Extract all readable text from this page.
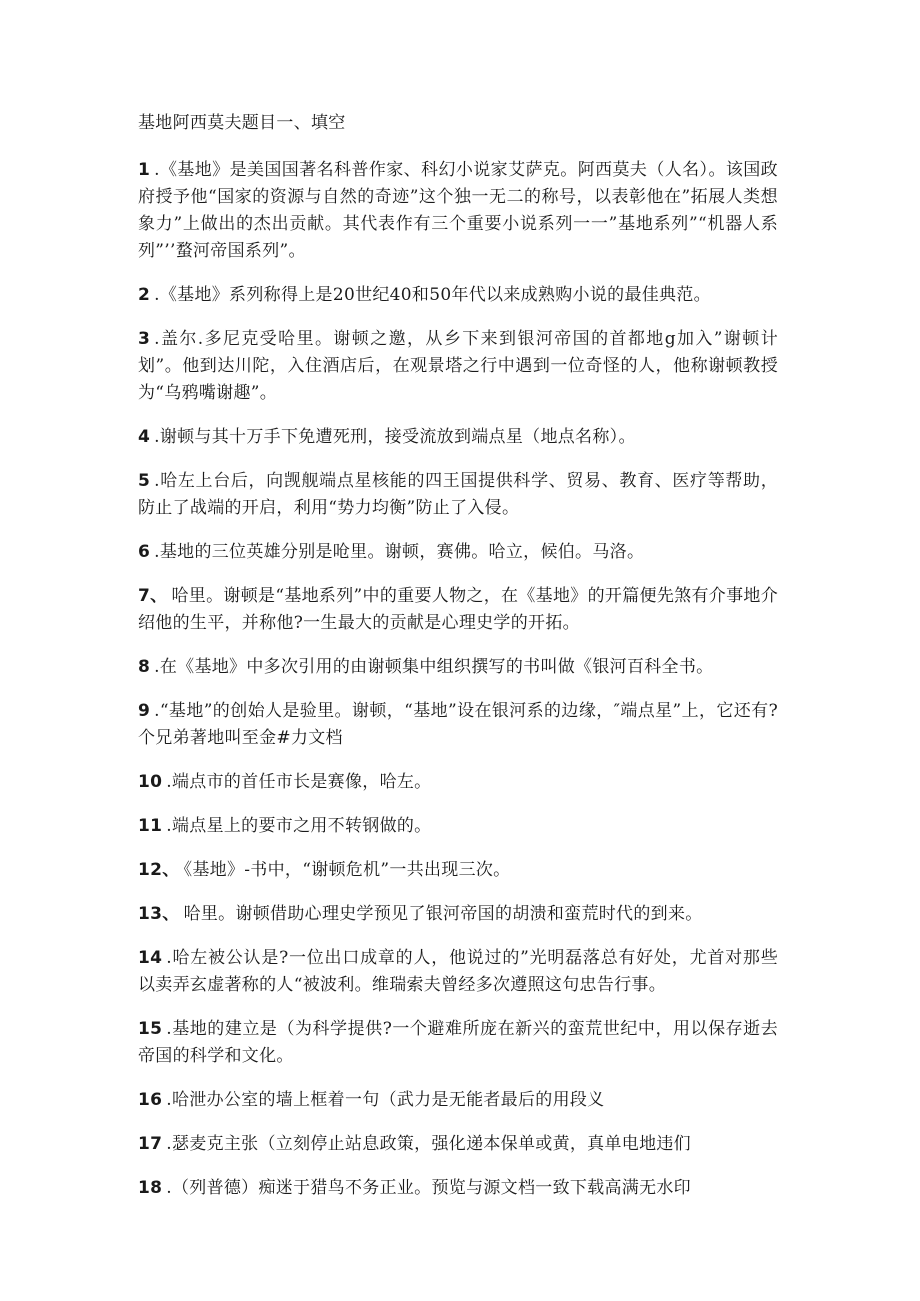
基地阿西莫夫题目一、填空
1 .《基地》是美国国著名科普作家、科幻小说家艾萨克。阿西莫夫（人名）。该国政府授予他“国家的资源与自然的奇迹”这个独一无二的称号，以表彰他在”拓展人类想象力”上做出的杰出贡献。其代表作有三个重要小说系列一一”基地系列”“机器人系列”’’蝥河帝国系列”。
2 .《基地》系列称得上是20世纪40和50年代以来成熟购小说的最佳典范。
3 .盖尔.多尼克受哈里。谢顿之邀，从乡下来到银河帝国的首都地g加入”谢顿计划”。他到达川陀，入住酒店后，在观景塔之行中遇到一位奇怪的人，他称谢顿教授为“乌鸦嘴谢趣”。
4 .谢顿与其十万手下免遭死刑，接受流放到端点星（地点名称）。
5 .哈左上台后，向觊舰端点星核能的四王国提供科学、贸易、教育、医疗等帮助，防止了战端的开启，利用“势力均衡”防止了入侵。
6 .基地的三位英雄分别是呛里。谢顿，赛佛。哈立，候伯。马洛。
7、 哈里。谢顿是“基地系列”中的重要人物之，在《基地》的开篇便先煞有介事地介绍他的生平，并称他?一生最大的贡献是心理史学的开拓。
8 .在《基地》中多次引用的由谢顿集中组织撰写的书叫做《银河百科全书。
9 .“基地”的创始人是验里。谢顿，“基地”设在银河系的边缘，″端点星”上，它还有?个兄弟著地叫至金#力文档
10 .端点市的首任市长是赛像，哈左。
11 .端点星上的要市之用不转钢做的。
12、 《基地》-书中，“谢顿危机”一共出现三次。
13、 哈里。谢顿借助心理史学预见了银河帝国的胡溃和蛮荒时代的到来。
14 .哈左被公认是?一位出口成章的人，他说过的”光明磊落总有好处，尤首对那些以卖弄玄虚著称的人“被波利。维瑞索夫曾经多次遵照这句忠告行事。
15 .基地的建立是（为科学提供?一个避难所庞在新兴的蛮荒世纪中，用以保存逝去帝国的科学和文化。
16 .哈泄办公室的墙上框着一句（武力是无能者最后的用段义
17 .瑟麦克主张（立刻停止站息政策，强化递本保单或黄，真单电地违们
18 .（列普德）痴迷于猎鸟不务正业。预览与源文档一致下载高满无水印
